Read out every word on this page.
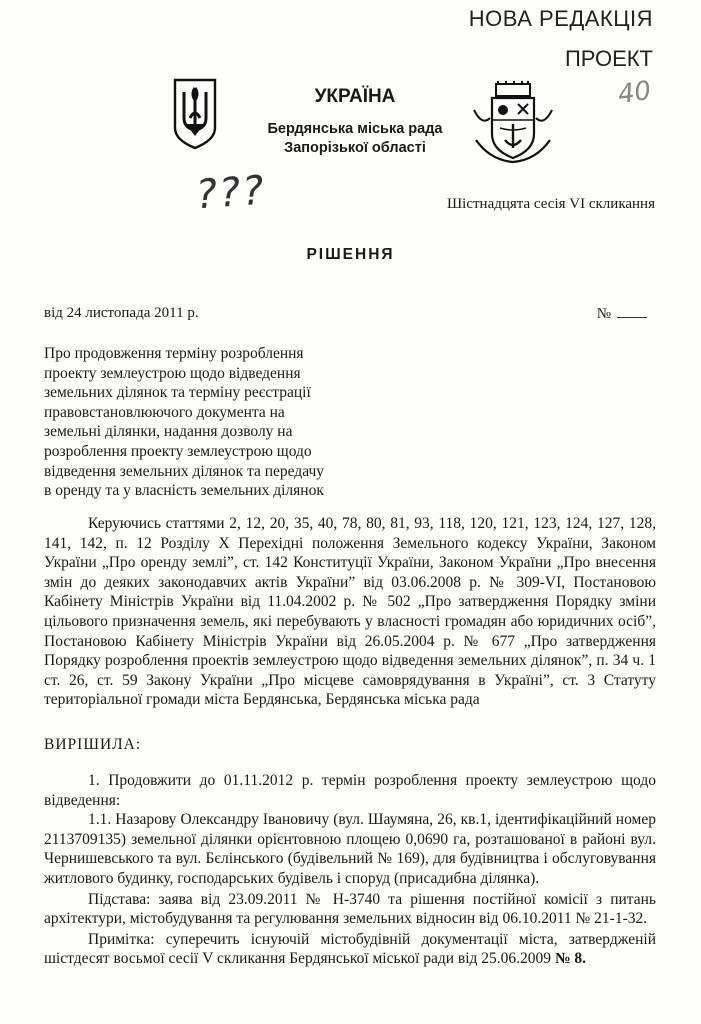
НОВА РЕДАКЦІЯ
ПРОЕКТ
40
УКРАЇНА
Бердянська міська рада
Запорізької області
???	Шістнадцята сесія VI скликання
РІШЕННЯ
від 24 листопада 2011 р.	№
Про продовження терміну розроблення
проекту землеустрою щодо відведення
земельних ділянок та терміну реєстрації
правовстановлюючого документа на
земельні ділянки, надання дозволу на
розроблення проекту землеустрою щодо
відведення земельних ділянок та передачу
в оренду та у власність земельних ділянок
Керуючись статтями 2, 12, 20, 35, 40, 78, 80, 81, 93, 118, 120, 121, 123, 124, 127, 128, 141, 142, п. 12 Розділу X Перехідні положення Земельного кодексу України, Законом України „Про оренду землі”, ст. 142 Конституції України, Законом України „Про внесення змін до деяких законодавчих актів України” від 03.06.2008 р. № 309-VI, Постановою Кабінету Міністрів України від 11.04.2002 р. № 502 „Про затвердження Порядку зміни цільового призначення земель, які перебувають у власності громадян або юридичних осіб”, Постановою Кабінету Міністрів України від 26.05.2004 р. № 677 „Про затвердження Порядку розроблення проектів землеустрою щодо відведення земельних ділянок”, п. 34 ч. 1 ст. 26, ст. 59 Закону України „Про місцеве самоврядування в Україні”, ст. 3 Статуту територіальної громади міста Бердянська, Бердянська міська рада
ВИРІШИЛА:

1. Продовжити до 01.11.2012 р. термін розроблення проекту землеустрою щодо відведення:

1.1. Назарову Олександру Івановичу (вул. Шаумяна, 26, кв.1, ідентифікаційний номер 2113709135) земельної ділянки орієнтовною площею 0,0690 га, розташованої в районі вул. Чернишевського та вул. Бєлінського (будівельний № 169), для будівництва і обслуговування житлового будинку, господарських будівель і споруд (присадибна ділянка).

Підстава: заява від 23.09.2011 № Н-3740 та рішення постійної комісії з питань архітектури, містобудування та регулювання земельних відносин від 06.10.2011 № 21-1-32.

Примітка: суперечить існуючій містобудівній документації міста, затвердженій шістдесят восьмої сесії V скликання Бердянської міської ради від 25.06.2009 № 8.
